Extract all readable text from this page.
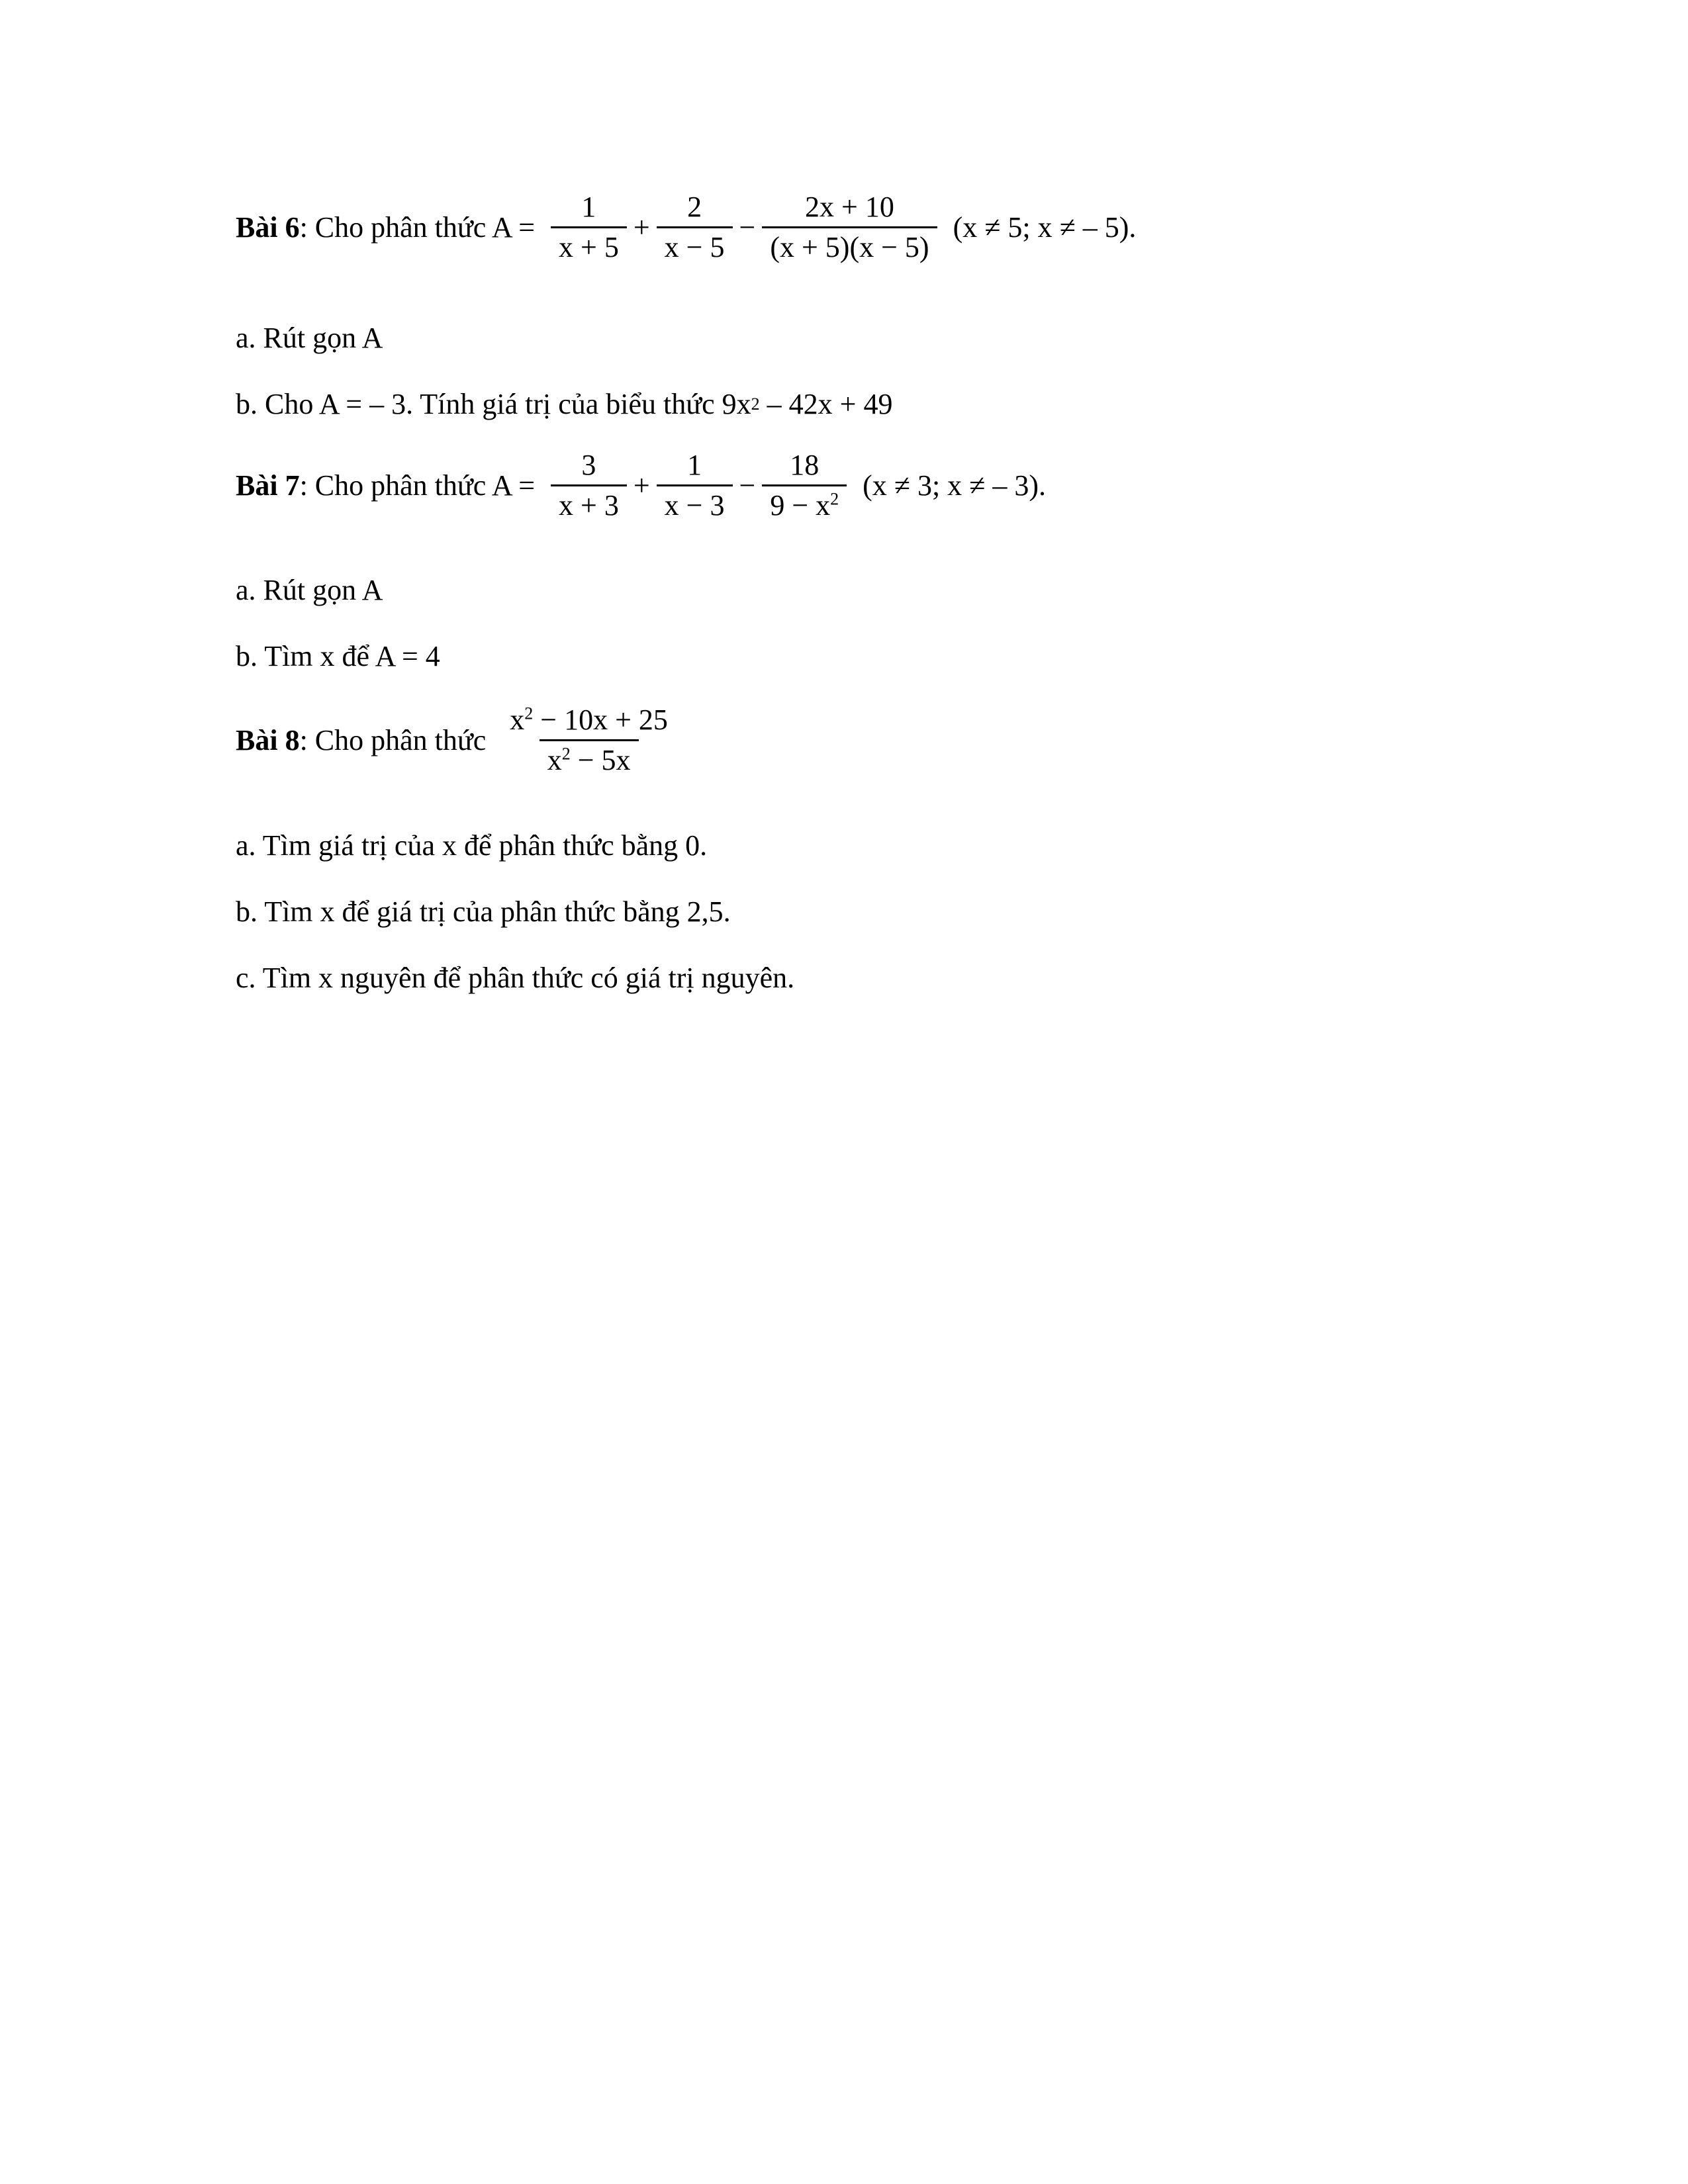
Bài 6 : Cho phân thức $A = \frac{1}{x + 5} + \frac{2}{x - 5} - \frac{2x + 10}{(x + 5)(x - 5)} (x \ne 5$; x ≠ – 5).
a. Rút gọn A
b. Cho A = – 3. Tính giá trị của biểu thức 9x 2 – 42x + 49
Bài 7 : Cho phân thức $A = \frac{3}{x + 3} + \frac{1}{x - 3} - \frac{18}{9 - x^2} (x \ne 3$; x ≠ – 3).
a. Rút gọn A
b. Tìm x để A = 4
Bài 8 : Cho phân thức $\frac{x^2 - 10x + 25}{x^2 - 5x}$
a. Tìm giá trị của x để phân thức bằng 0.
b. Tìm x để giá trị của phân thức bằng 2,5.
c. Tìm x nguyên để phân thức có giá trị nguyên.
